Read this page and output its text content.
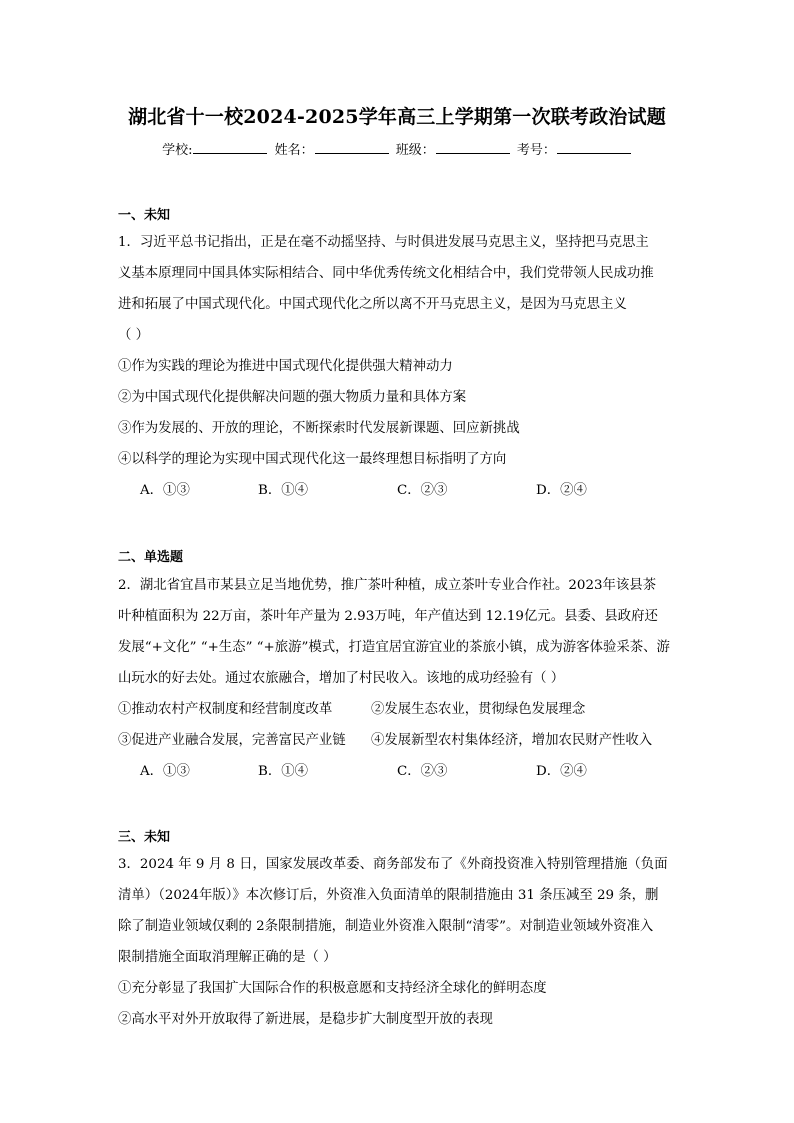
湖北省十一校2024-2025学年高三上学期第一次联考政治试题
学校:	姓名：	班级：	考号：
一、未知
1．习近平总书记指出，正是在毫不动摇坚持、与时俱进发展马克思主义，坚持把马克思主
义基本原理同中国具体实际相结合、同中华优秀传统文化相结合中，我们党带领人民成功推
进和拓展了中国式现代化。中国式现代化之所以离不开马克思主义，是因为马克思主义
（ ）
①作为实践的理论为推进中国式现代化提供强大精神动力
②为中国式现代化提供解决问题的强大物质力量和具体方案
③作为发展的、开放的理论，不断探索时代发展新课题、回应新挑战
④以科学的理论为实现中国式现代化这一最终理想目标指明了方向
A．①③	B．①④	C．②③	D．②④
二、单选题
2．湖北省宜昌市某县立足当地优势，推广茶叶种植，成立茶叶专业合作社。2023年该县茶
叶种植面积为 22万亩，茶叶年产量为 2.93万吨，年产值达到 12.19亿元。县委、县政府还
发展“+文化” “+生态” “+旅游”模式，打造宜居宜游宜业的茶旅小镇，成为游客体验采茶、游
山玩水的好去处。通过农旅融合，增加了村民收入。该地的成功经验有（ ）
①推动农村产权制度和经营制度改革	②发展生态农业，贯彻绿色发展理念
③促进产业融合发展，完善富民产业链 ④发展新型农村集体经济，增加农民财产性收入
A．①③	B．①④	C．②③	D．②④
三、未知
3．2024 年 9 月 8 日，国家发展改革委、商务部发布了《外商投资准入特别管理措施（负面
清单）（2024年版）》本次修订后，外资准入负面清单的限制措施由 31 条压减至 29 条，删
除了制造业领域仅剩的 2条限制措施，制造业外资准入限制“清零”。对制造业领域外资准入
限制措施全面取消理解正确的是（ ）
①充分彰显了我国扩大国际合作的积极意愿和支持经济全球化的鲜明态度
②高水平对外开放取得了新进展，是稳步扩大制度型开放的表现
